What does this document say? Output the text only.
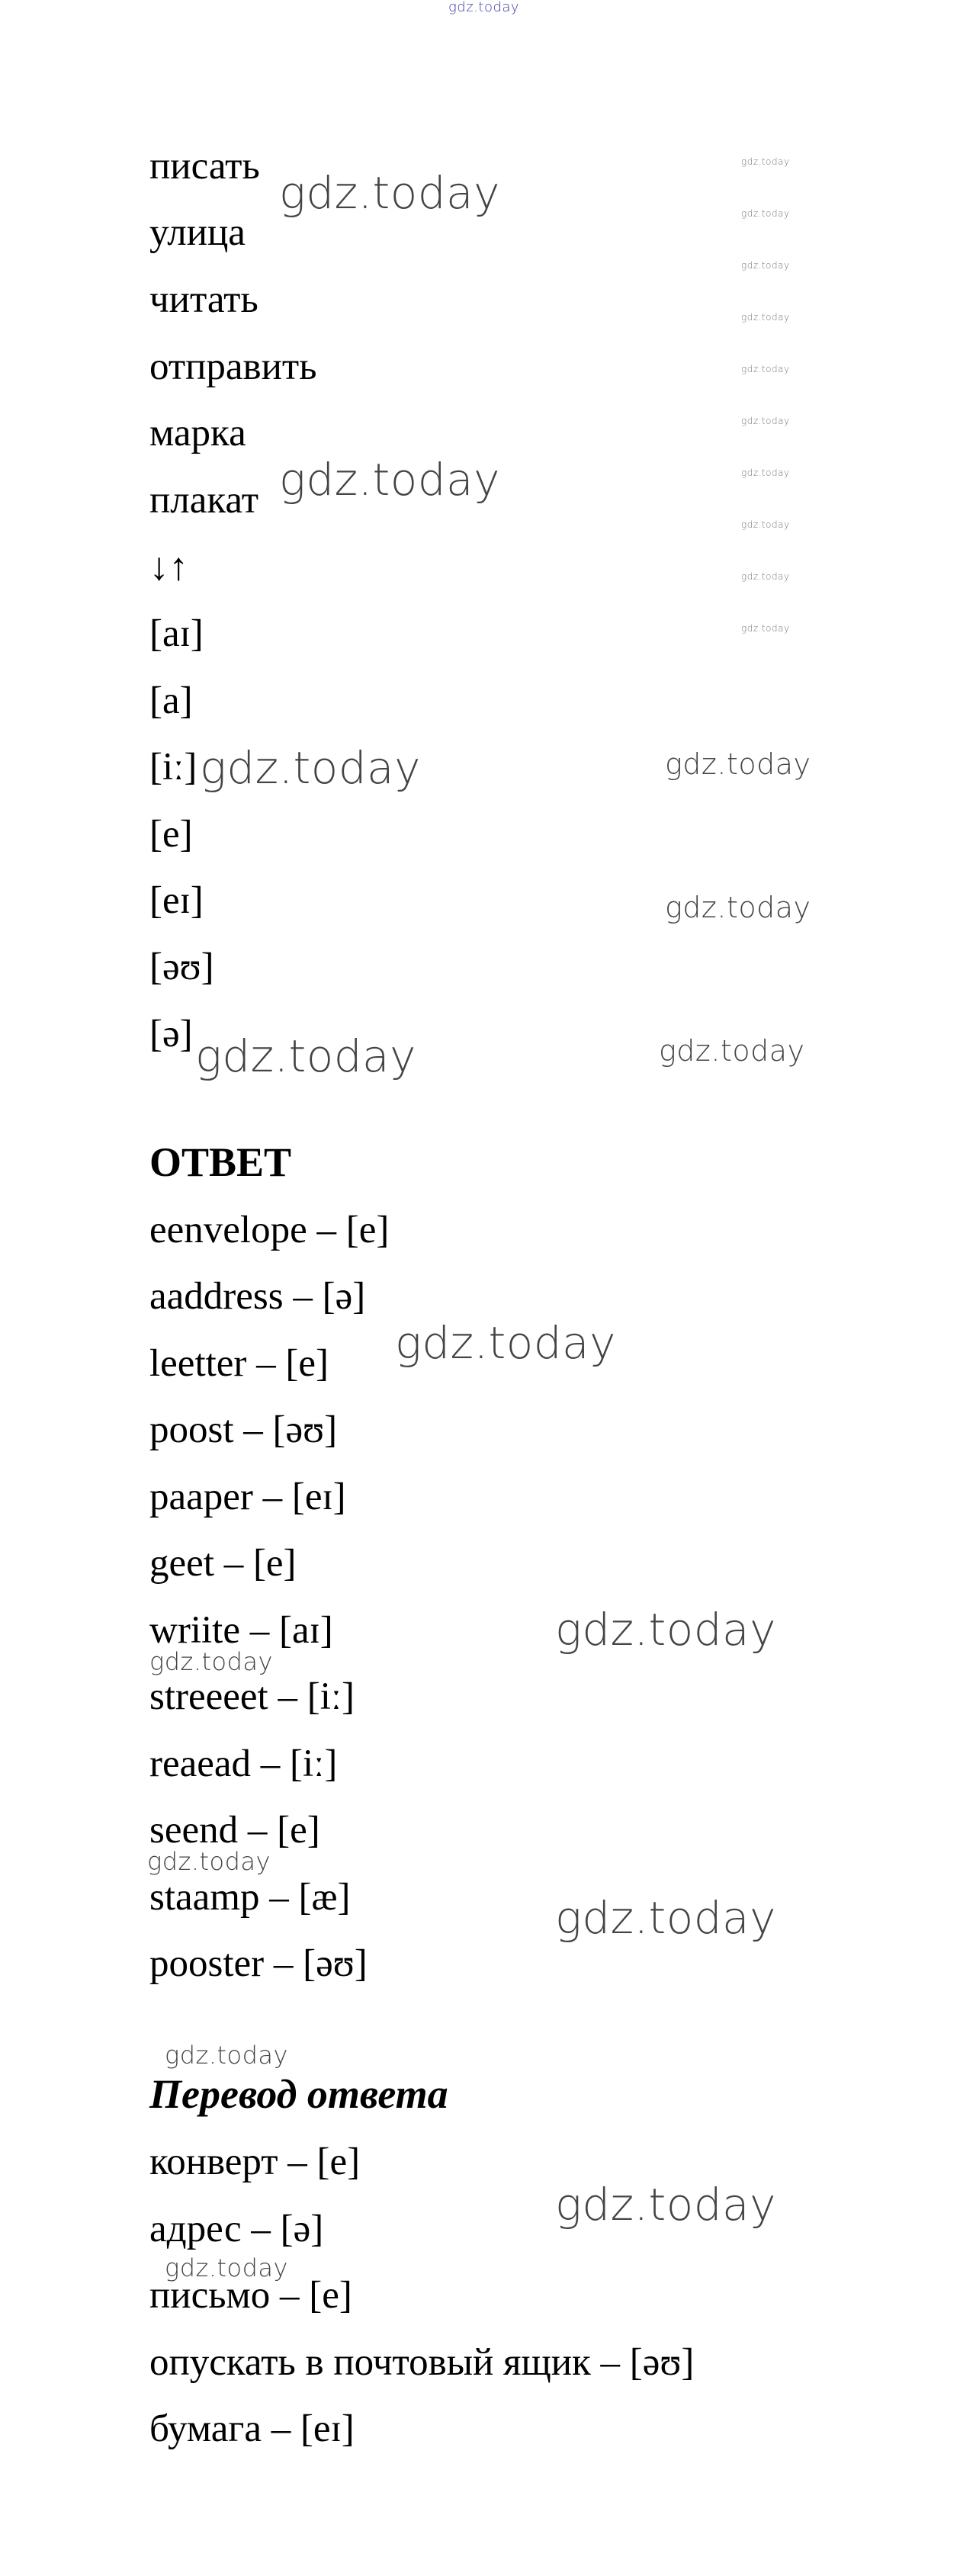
gdz.today
писать
улица
читать
отправить
марка
плакат
↓↑
[aɪ]
[a]
[iː]
[e]
[eɪ]
[əʊ]
[ə]
gdz.today
gdz.today
gdz.today
gdz.today
gdz.today
gdz.today
gdz.today
gdz.today
gdz.today
gdz.today
gdz.today
gdz.today
gdz.today
gdz.today
gdz.today
gdz.today
gdz.today
ОТВЕТ
eenvelope – [e]
aaddress – [ə]
leetter – [e]
poost – [əʊ]
paaper – [eɪ]
geet – [e]
wriite – [aɪ]
streeeet – [iː]
reaead – [iː]
seend – [e]
staamp – [æ]
pooster – [əʊ]
gdz.today
gdz.today
gdz.today
gdz.today
gdz.today
gdz.today
Перевод ответа
конверт – [e]
адрес – [ə]
письмо – [e]
опускать в почтовый ящик – [əʊ]
бумага – [eɪ]
gdz.today
gdz.today
